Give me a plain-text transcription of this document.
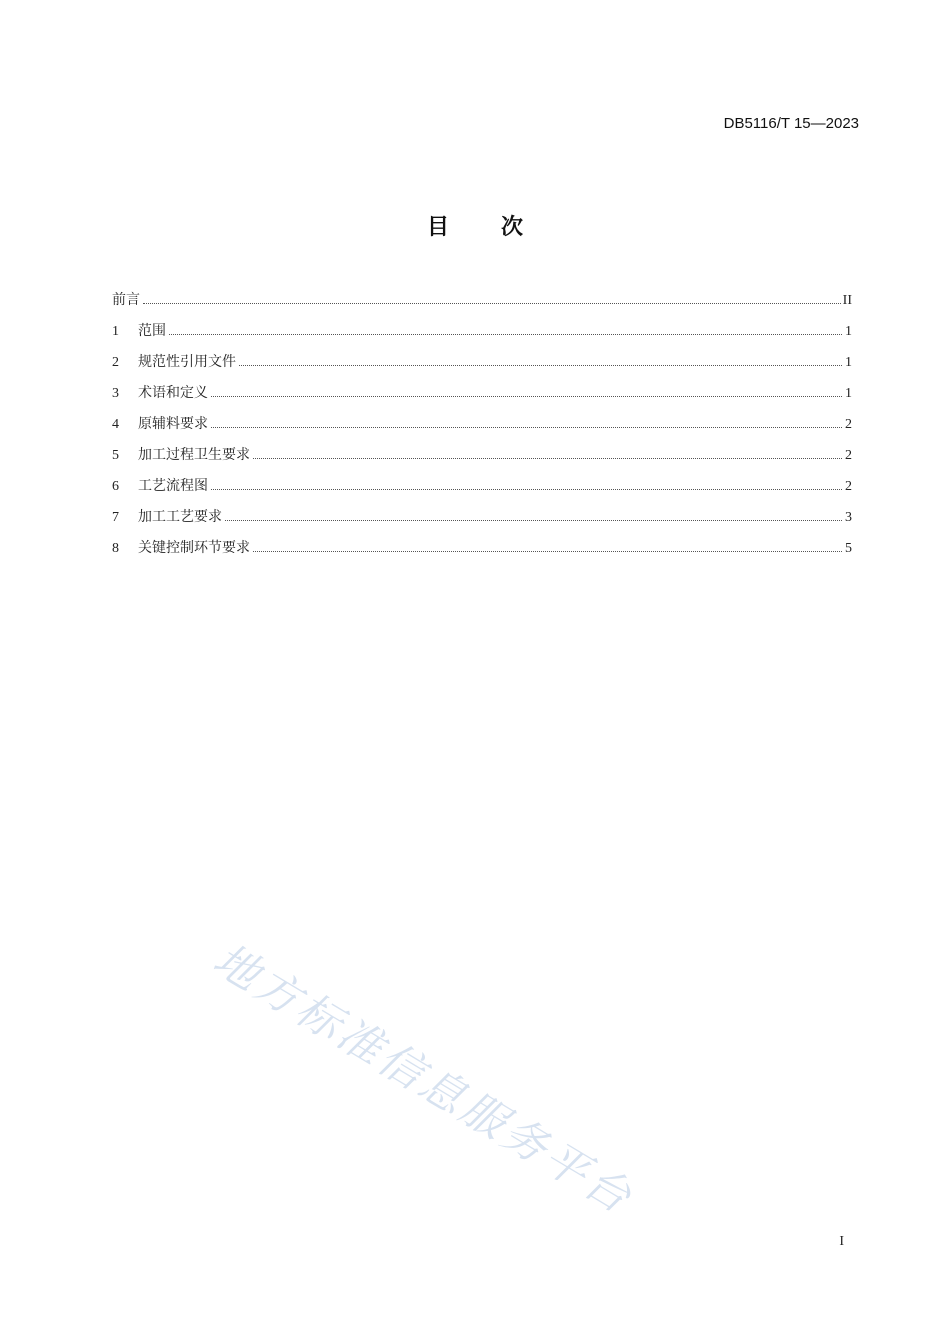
DB5116/T 15—2023
目 次
前言	II
1	范围	1
2	规范性引用文件	1
3	术语和定义	1
4	原辅料要求	2
5	加工过程卫生要求	2
6	工艺流程图	2
7	加工工艺要求	3
8	关键控制环节要求	5
地方标准信息服务平台
I
